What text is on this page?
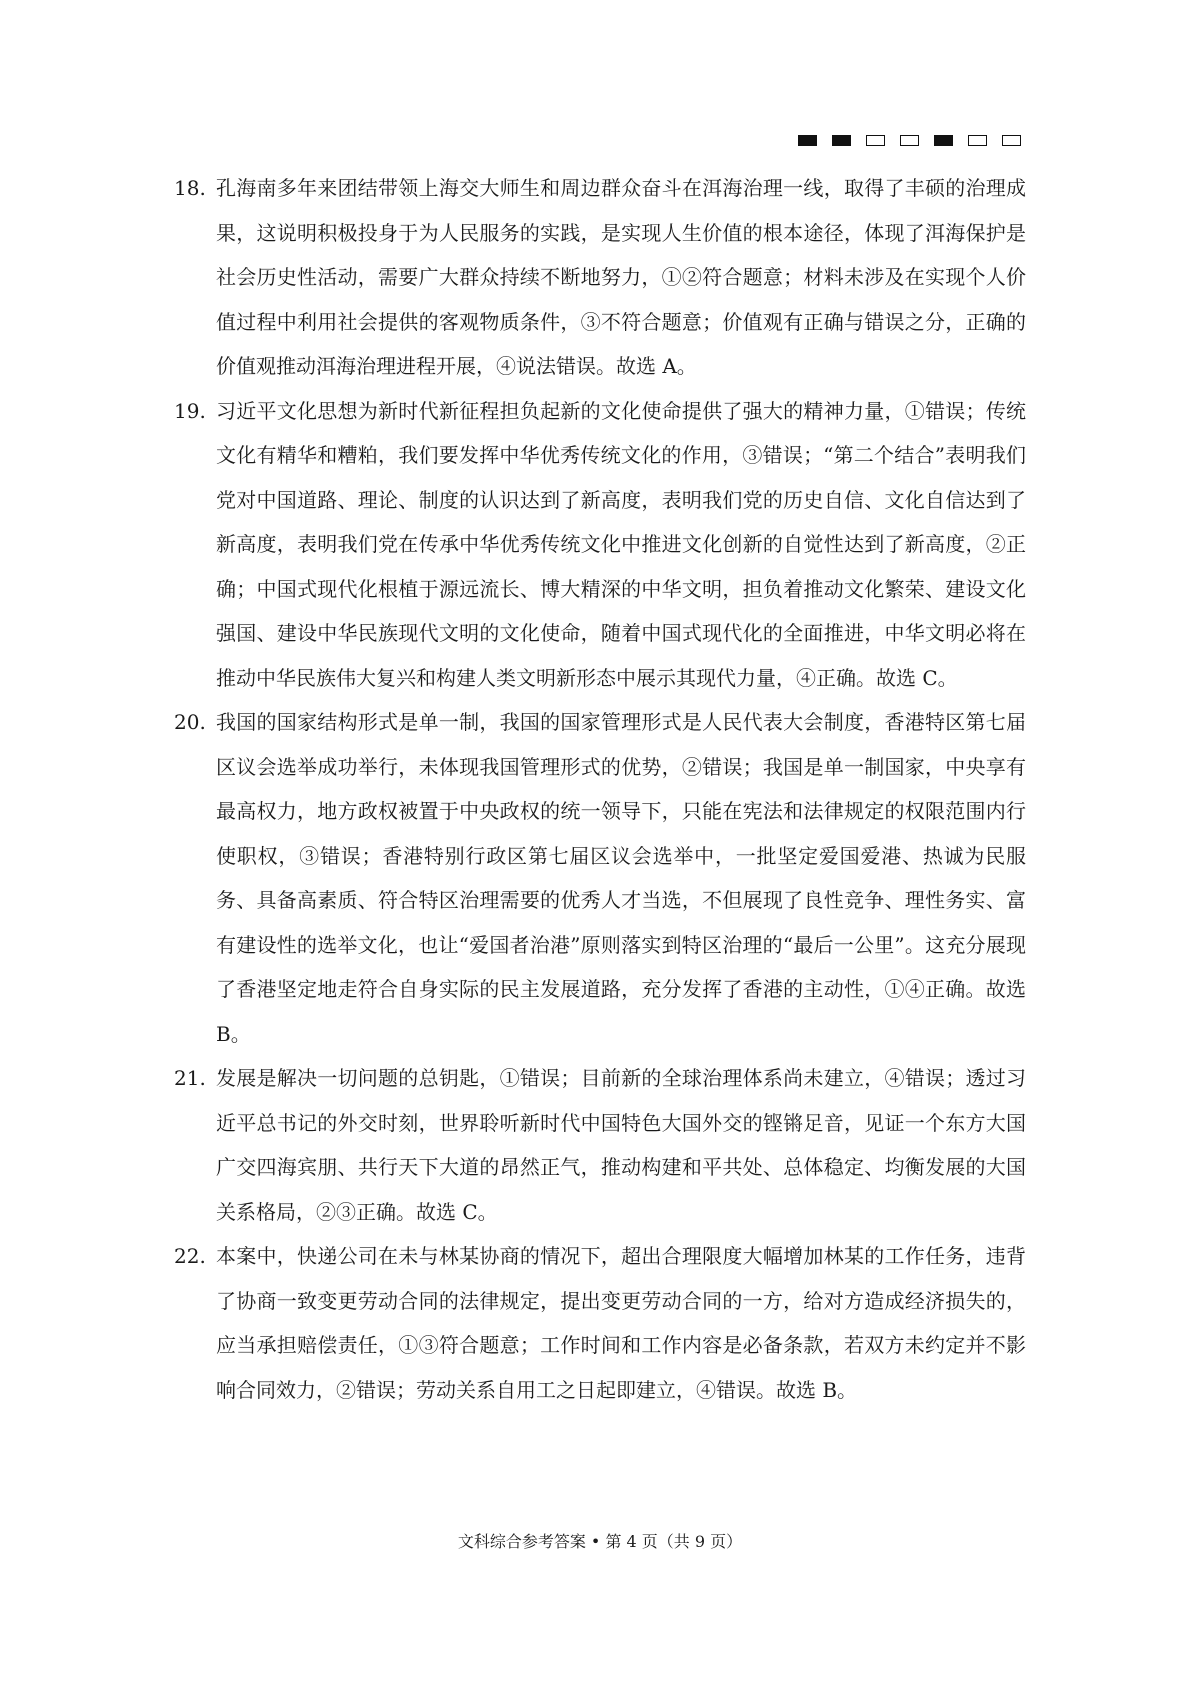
18. 孔海南多年来团结带领上海交大师生和周边群众奋斗在洱海治理一线，取得了丰硕的治理成果，这说明积极投身于为人民服务的实践，是实现人生价值的根本途径，体现了洱海保护是社会历史性活动，需要广大群众持续不断地努力，①②符合题意；材料未涉及在实现个人价值过程中利用社会提供的客观物质条件，③不符合题意；价值观有正确与错误之分，正确的价值观推动洱海治理进程开展，④说法错误。故选 A。
19. 习近平文化思想为新时代新征程担负起新的文化使命提供了强大的精神力量，①错误；传统文化有精华和糟粕，我们要发挥中华优秀传统文化的作用，③错误；“第二个结合”表明我们党对中国道路、理论、制度的认识达到了新高度，表明我们党的历史自信、文化自信达到了新高度，表明我们党在传承中华优秀传统文化中推进文化创新的自觉性达到了新高度，②正确；中国式现代化根植于源远流长、博大精深的中华文明，担负着推动文化繁荣、建设文化强国、建设中华民族现代文明的文化使命，随着中国式现代化的全面推进，中华文明必将在推动中华民族伟大复兴和构建人类文明新形态中展示其现代力量，④正确。故选 C。
20. 我国的国家结构形式是单一制，我国的国家管理形式是人民代表大会制度，香港特区第七届区议会选举成功举行，未体现我国管理形式的优势，②错误；我国是单一制国家，中央享有最高权力，地方政权被置于中央政权的统一领导下，只能在宪法和法律规定的权限范围内行使职权，③错误；香港特别行政区第七届区议会选举中，一批坚定爱国爱港、热诚为民服务、具备高素质、符合特区治理需要的优秀人才当选，不但展现了良性竞争、理性务实、富有建设性的选举文化，也让“爱国者治港”原则落实到特区治理的“最后一公里”。这充分展现了香港坚定地走符合自身实际的民主发展道路，充分发挥了香港的主动性，①④正确。故选 B。
21. 发展是解决一切问题的总钥匙，①错误；目前新的全球治理体系尚未建立，④错误；透过习近平总书记的外交时刻，世界聆听新时代中国特色大国外交的铿锵足音，见证一个东方大国广交四海宾朋、共行天下大道的昂然正气，推动构建和平共处、总体稳定、均衡发展的大国关系格局，②③正确。故选 C。
22. 本案中，快递公司在未与林某协商的情况下，超出合理限度大幅增加林某的工作任务，违背了协商一致变更劳动合同的法律规定，提出变更劳动合同的一方，给对方造成经济损失的，应当承担赔偿责任，①③符合题意；工作时间和工作内容是必备条款，若双方未约定并不影响合同效力，②错误；劳动关系自用工之日起即建立，④错误。故选 B。
文科综合参考答案 • 第 4 页（共 9 页）
